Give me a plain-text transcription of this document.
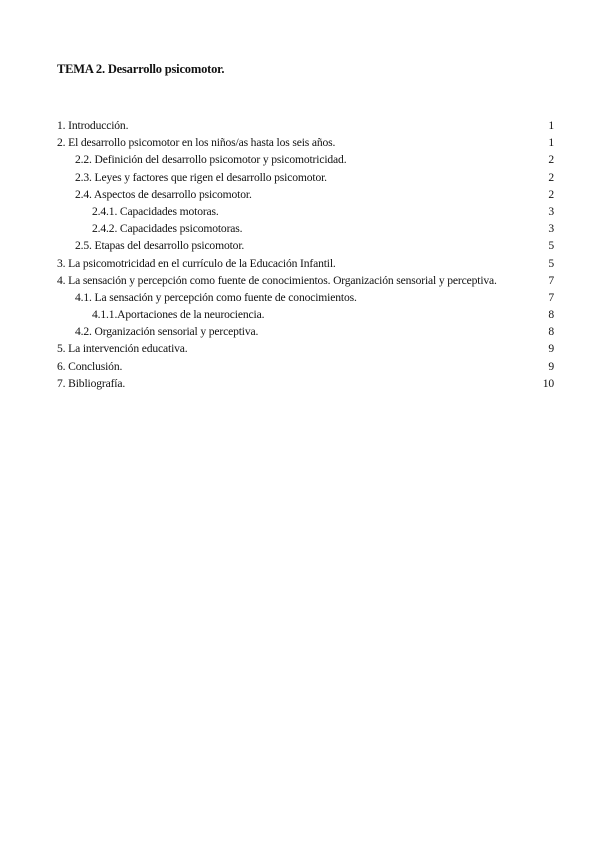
TEMA 2. Desarrollo psicomotor.
1. Introducción.	1
2. El desarrollo psicomotor en los niños/as hasta los seis años.	1
2.2. Definición del desarrollo psicomotor y psicomotricidad.	2
2.3. Leyes y factores que rigen el desarrollo psicomotor.	2
2.4. Aspectos de desarrollo psicomotor.	2
2.4.1. Capacidades motoras.	3
2.4.2. Capacidades psicomotoras.	3
2.5. Etapas del desarrollo psicomotor.	5
3. La psicomotricidad en el currículo de la Educación Infantil.	5
4. La sensación y percepción como fuente de conocimientos. Organización sensorial y perceptiva.	7
4.1. La sensación y percepción como fuente de conocimientos.	7
4.1.1.Aportaciones de la neurociencia.	8
4.2. Organización sensorial y perceptiva.	8
5. La intervención educativa.	9
6. Conclusión.	9
7. Bibliografía.	10
